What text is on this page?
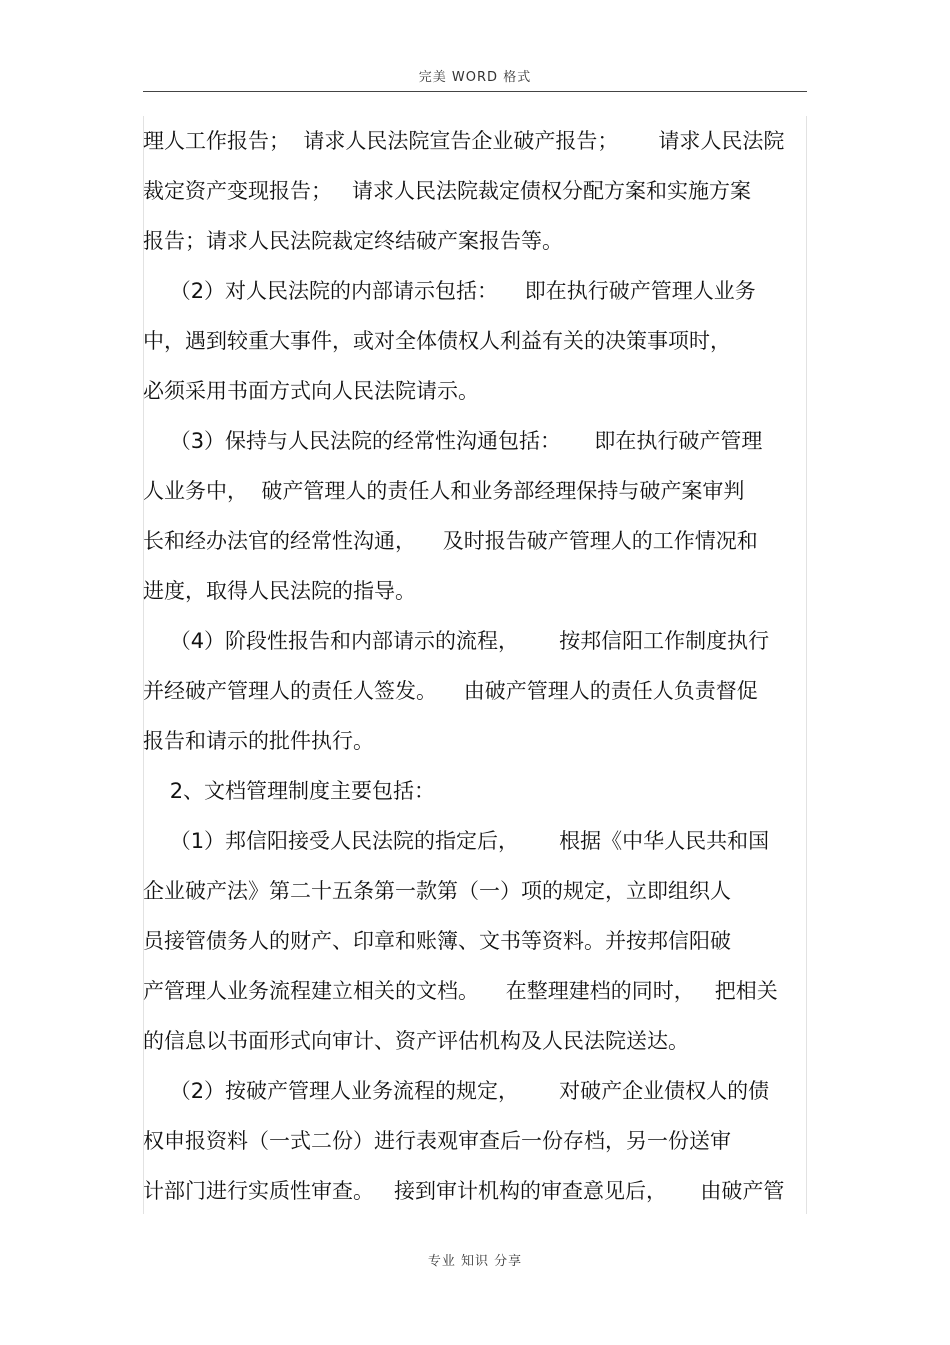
完美 WORD 格式
理人工作报告；  请求人民法院宣告企业破产报告；      请求人民法院
裁定资产变现报告；   请求人民法院裁定债权分配方案和实施方案
报告；请求人民法院裁定终结破产案报告等。
（2）对人民法院的内部请示包括：    即在执行破产管理人业务
中，遇到较重大事件，或对全体债权人利益有关的决策事项时，
必须采用书面方式向人民法院请示。
（3）保持与人民法院的经常性沟通包括：     即在执行破产管理
人业务中，  破产管理人的责任人和业务部经理保持与破产案审判
长和经办法官的经常性沟通，    及时报告破产管理人的工作情况和
进度，取得人民法院的指导。
（4）阶段性报告和内部请示的流程，      按邦信阳工作制度执行
并经破产管理人的责任人签发。    由破产管理人的责任人负责督促
报告和请示的批件执行。
2、文档管理制度主要包括：
（1）邦信阳接受人民法院的指定后，      根据《中华人民共和国
企业破产法》第二十五条第一款第（一）项的规定，立即组织人
员接管债务人的财产、印章和账簿、文书等资料。并按邦信阳破
产管理人业务流程建立相关的文档。    在整理建档的同时，   把相关
的信息以书面形式向审计、资产评估机构及人民法院送达。
（2）按破产管理人业务流程的规定，      对破产企业债权人的债
权申报资料（一式二份）进行表观审查后一份存档，另一份送审
计部门进行实质性审查。   接到审计机构的审查意见后，     由破产管
专业 知识 分享
